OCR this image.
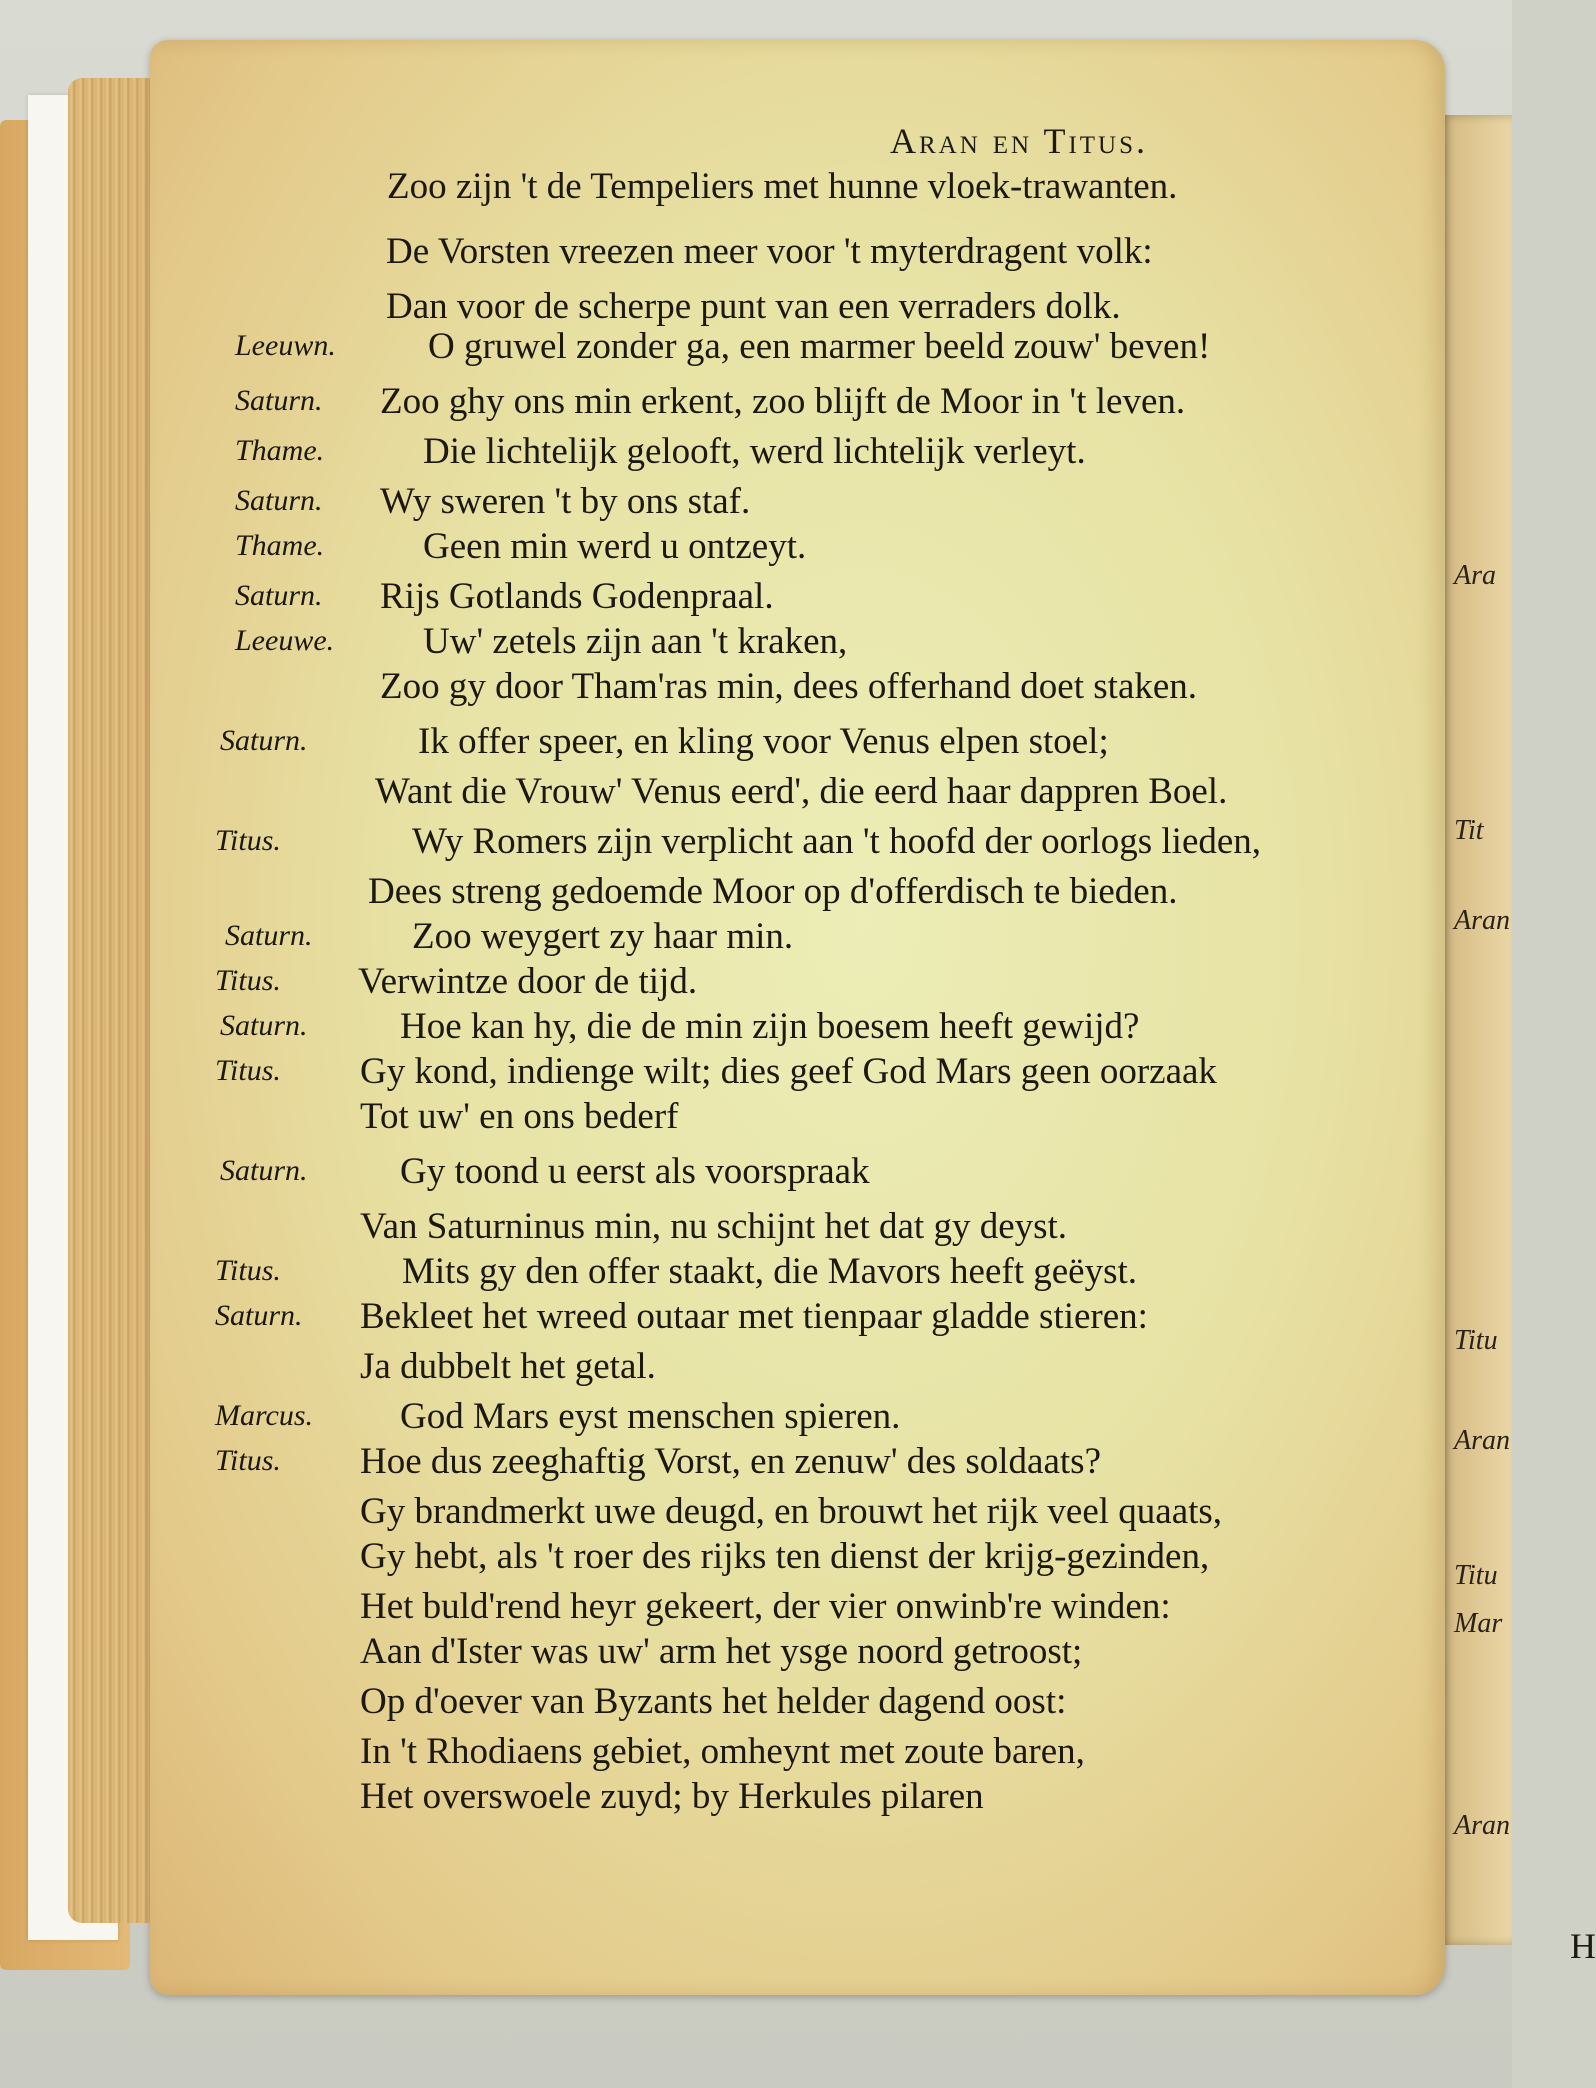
Ara
Tit
Aran
Titu
Aran
Titu
Mar
Aran
Aran en Titus.
Zoo zijn 't de Tempeliers met hunne vloek-trawanten.
De Vorsten vreezen meer voor 't myterdragent volk:
Dan voor de scherpe punt van een verraders dolk.
Leeuwn. O gruwel zonder ga, een marmer beeld zouw' beven!
Saturn. Zoo ghy ons min erkent, zoo blijft de Moor in 't leven.
Thame.	Die lichtelijk gelooft, werd lichtelijk verleyt.
Saturn. Wy sweren 't by ons staf.
Thame.	Geen min werd u ontzeyt.
Saturn. Rijs Gotlands Godenpraal.
Leeuwe. Uw' zetels zijn aan 't kraken,
Zoo gy door Tham'ras min, dees offerhand doet staken.
Saturn.	Ik offer speer, en kling voor Venus elpen stoel;
Want die Vrouw' Venus eerd', die eerd haar dappren Boel.
Titus.	Wy Romers zijn verplicht aan 't hoofd der oorlogs lieden,
Dees streng gedoemde Moor op d'offerdisch te bieden.
Saturn.	Zoo weygert zy haar min.
Titus. Verwintze door de tijd.
Saturn. Hoe kan hy, die de min zijn boesem heeft gewijd?
Titus. Gy kond, indienge wilt; dies geef God Mars geen oorzaak
Tot uw' en ons bederf
Saturn. Gy toond u eerst als voorspraak
Van Saturninus min, nu schijnt het dat gy deyst.
Titus.	Mits gy den offer staakt, die Mavors heeft geëyst.
Saturn. Bekleet het wreed outaar met tienpaar gladde stieren:
Ja dubbelt het getal.
Marcus. God Mars eyst menschen spieren.
Titus. Hoe dus zeeghaftig Vorst, en zenuw' des soldaats?
Gy brandmerkt uwe deugd, en brouwt het rijk veel quaats,
Gy hebt, als 't roer des rijks ten dienst der krijg-gezinden,
Het buld'rend heyr gekeert, der vier onwinb're winden:
Aan d'Ister was uw' arm het ysge noord getroost;
Op d'oever van Byzants het helder dagend oost:
In 't Rhodiaens gebiet, omheynt met zoute baren,
Het overswoele zuyd; by Herkules pilaren
H
